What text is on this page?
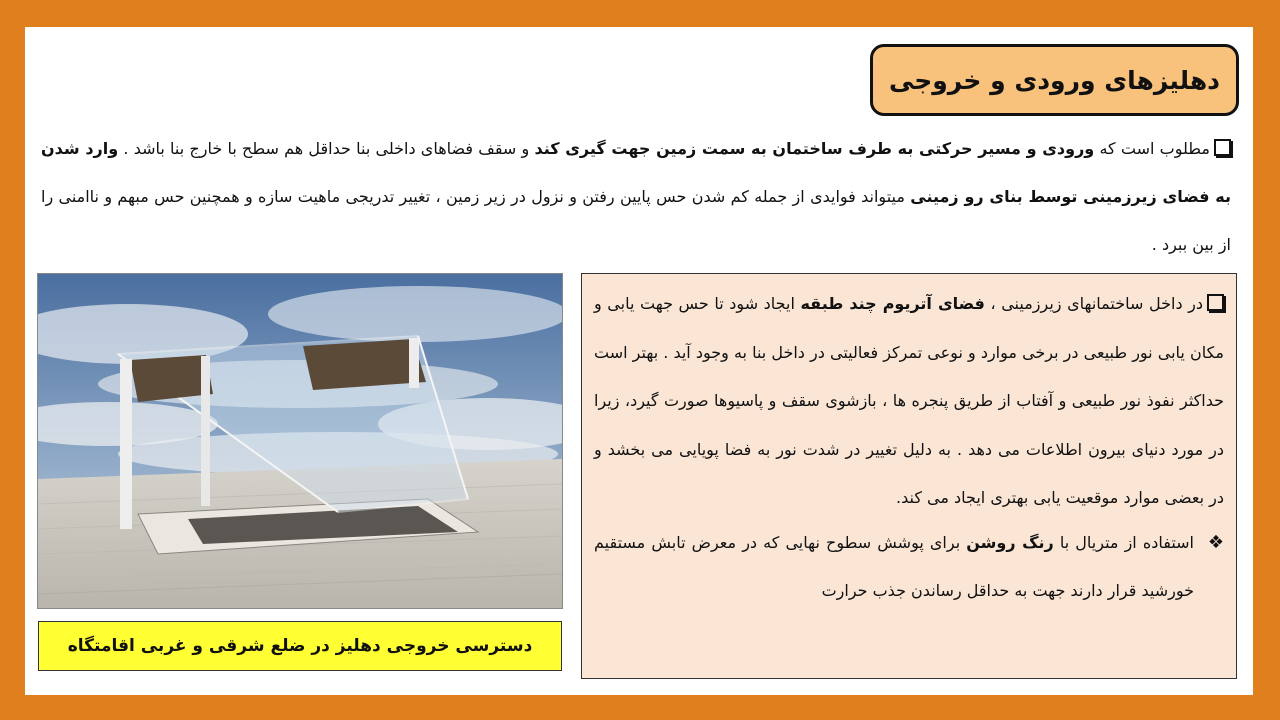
دهلیزهای ورودی و خروجی
مطلوب است که ورودی و مسیر حرکتی به طرف ساختمان به سمت زمین جهت گیری کند و سقف فضاهای داخلی بنا حداقل هم سطح با خارج بنا باشد . وارد شدن به فضای زیرزمینی توسط بنای رو زمینی میتواند فوایدی از جمله کم شدن حس پایین رفتن و نزول در زیر زمین ، تغییر تدریجی ماهیت سازه و همچنین حس مبهم و ناامنی را از بین ببرد .
دسترسی خروجی دهلیز در ضلع شرقی و غربی اقامتگاه

در داخل ساختمانهای زیرزمینی ، فضای آتریوم چند طبقه ایجاد شود تا حس جهت یابی و مکان یابی نور طبیعی در برخی موارد و نوعی تمرکز فعالیتی در داخل بنا به وجود آید . بهتر است حداکثر نفوذ نور طبیعی و آفتاب از طریق پنجره ها ، بازشوی سقف و پاسیوها صورت گیرد، زیرا در مورد دنیای بیرون اطلاعات می دهد . به دلیل تغییر در شدت نور به فضا پویایی می بخشد و در بعضی موارد موقعیت یابی بهتری ایجاد می کند.

❖
استفاده از متریال با رنگ روشن برای پوشش سطوح نهایی که در معرض تابش مستقیم خورشید قرار دارند جهت به حداقل رساندن جذب حرارت
